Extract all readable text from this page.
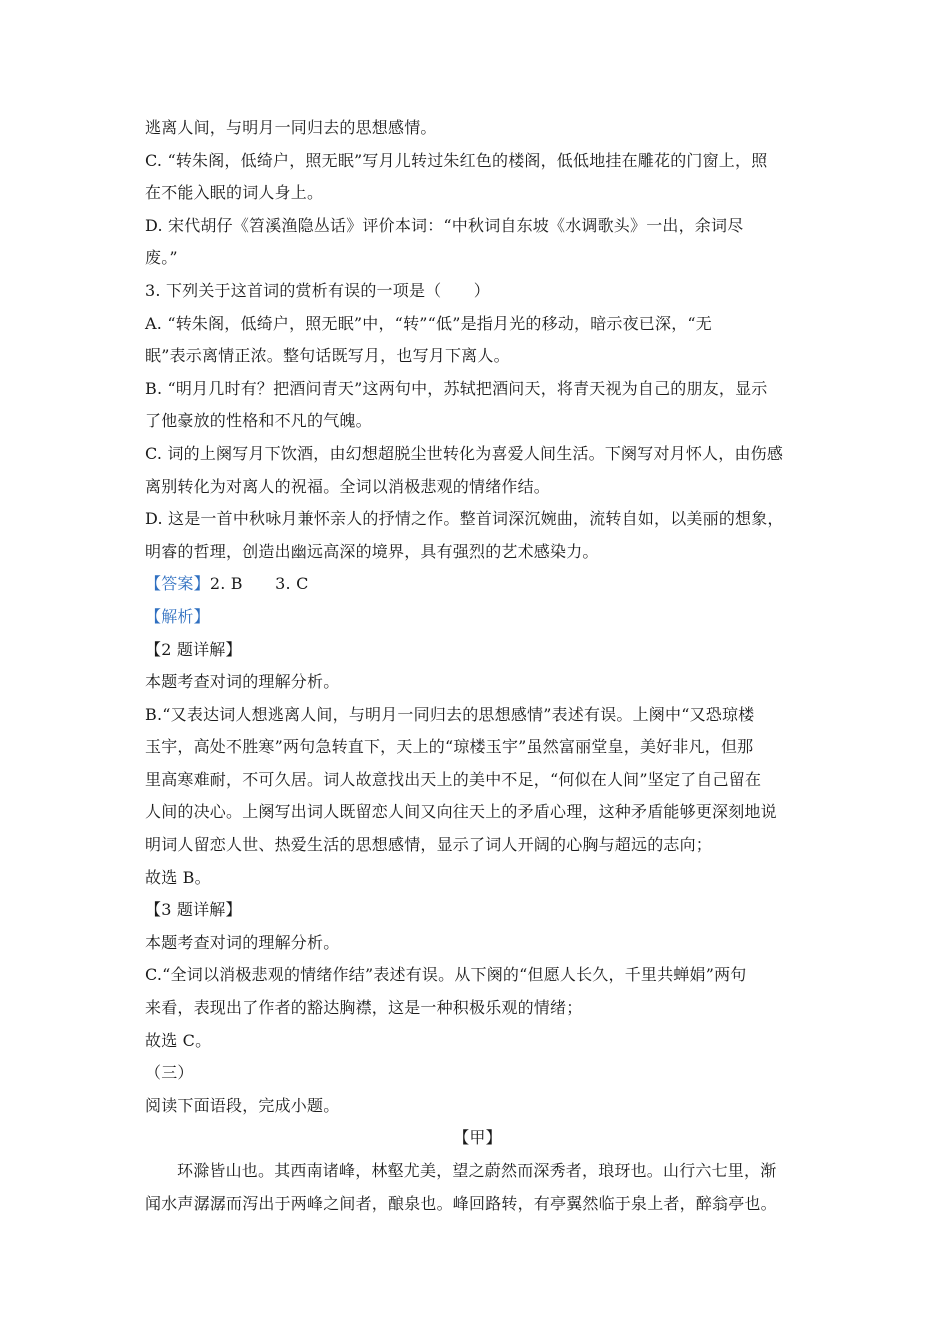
逃离人间，与明月一同归去的思想感情。
C. “转朱阁，低绮户，照无眠”写月儿转过朱红色的楼阁，低低地挂在雕花的门窗上，照
在不能入眠的词人身上。
D. 宋代胡仔《笤溪渔隐丛话》评价本词：“中秋词自东坡《水调歌头》一出，余词尽
废。”
3. 下列关于这首词的赏析有误的一项是（　　）
A. “转朱阁，低绮户，照无眠”中，“转”“低”是指月光的移动，暗示夜已深，“无
眠”表示离情正浓。整句话既写月，也写月下离人。
B. “明月几时有？把酒问青天”这两句中，苏轼把酒问天，将青天视为自己的朋友，显示
了他豪放的性格和不凡的气魄。
C. 词的上阕写月下饮酒，由幻想超脱尘世转化为喜爱人间生活。下阕写对月怀人，由伤感
离别转化为对离人的祝福。全词以消极悲观的情绪作结。
D. 这是一首中秋咏月兼怀亲人的抒情之作。整首词深沉婉曲，流转自如，以美丽的想象，
明睿的哲理，创造出幽远高深的境界，具有强烈的艺术感染力。
【答案】2. B　　3. C
【解析】
【2 题详解】
本题考查对词的理解分析。
B.“又表达词人想逃离人间，与明月一同归去的思想感情”表述有误。上阕中“又恐琼楼
玉宇，高处不胜寒”两句急转直下，天上的“琼楼玉宇”虽然富丽堂皇，美好非凡，但那
里高寒难耐，不可久居。词人故意找出天上的美中不足，“何似在人间”坚定了自己留在
人间的决心。上阕写出词人既留恋人间又向往天上的矛盾心理，这种矛盾能够更深刻地说
明词人留恋人世、热爱生活的思想感情，显示了词人开阔的心胸与超远的志向；
故选 B。
【3 题详解】
本题考查对词的理解分析。
C.“全词以消极悲观的情绪作结”表述有误。从下阕的“但愿人长久，千里共蝉娟”两句
来看，表现出了作者的豁达胸襟，这是一种积极乐观的情绪；
故选 C。
（三）
阅读下面语段，完成小题。
【甲】
环滁皆山也。其西南诸峰，林壑尤美，望之蔚然而深秀者，琅玡也。山行六七里，渐
闻水声潺潺而泻出于两峰之间者，酿泉也。峰回路转，有亭翼然临于泉上者，醉翁亭也。
